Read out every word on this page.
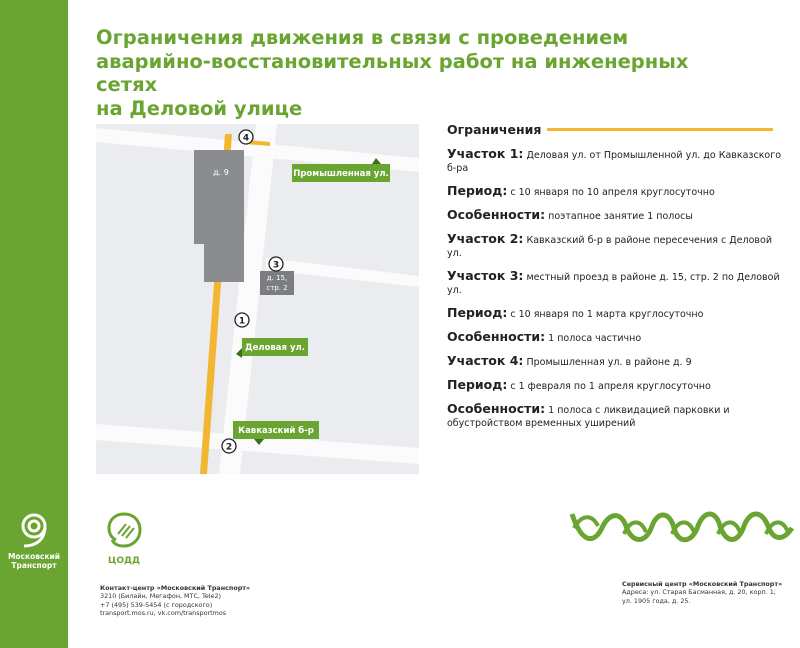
Московский
Транспорт
Ограничения движения в связи с проведением
аварийно-восстановительных работ на инженерных сетях
на Деловой улице
д. 9
д. 15,
стр. 2
Промышленная ул.
Деловая ул.
Кавказский б-р
4
3
1
2
Ограничения
Участок 1: Деловая ул. от Промышленной ул. до Кавказского б-ра
Период: с 10 января по 10 апреля круглосуточно
Особенности: поэтапное занятие 1 полосы
Участок 2: Кавказский б-р в районе пересечения с Деловой ул.
Участок 3: местный проезд в районе д. 15, стр. 2 по Деловой ул.
Период: с 10 января по 1 марта круглосуточно
Особенности: 1 полоса частично
Участок 4: Промышленная ул. в районе д. 9
Период: с 1 февраля по 1 апреля круглосуточно
Особенности: 1 полоса с ликвидацией парковки и обустройством временных уширений
ЦОДД
Контакт-центр «Московский Транспорт»
3210 (Билайн, Мегафон, МТС, Tele2)
+7 (495) 539-5454 (с городского)
transport.mos.ru, vk.com/transportmos
Сервисный центр «Московский Транспорт»
Адреса: ул. Старая Басманная, д. 20, корп. 1;
ул. 1905 года, д. 25.
